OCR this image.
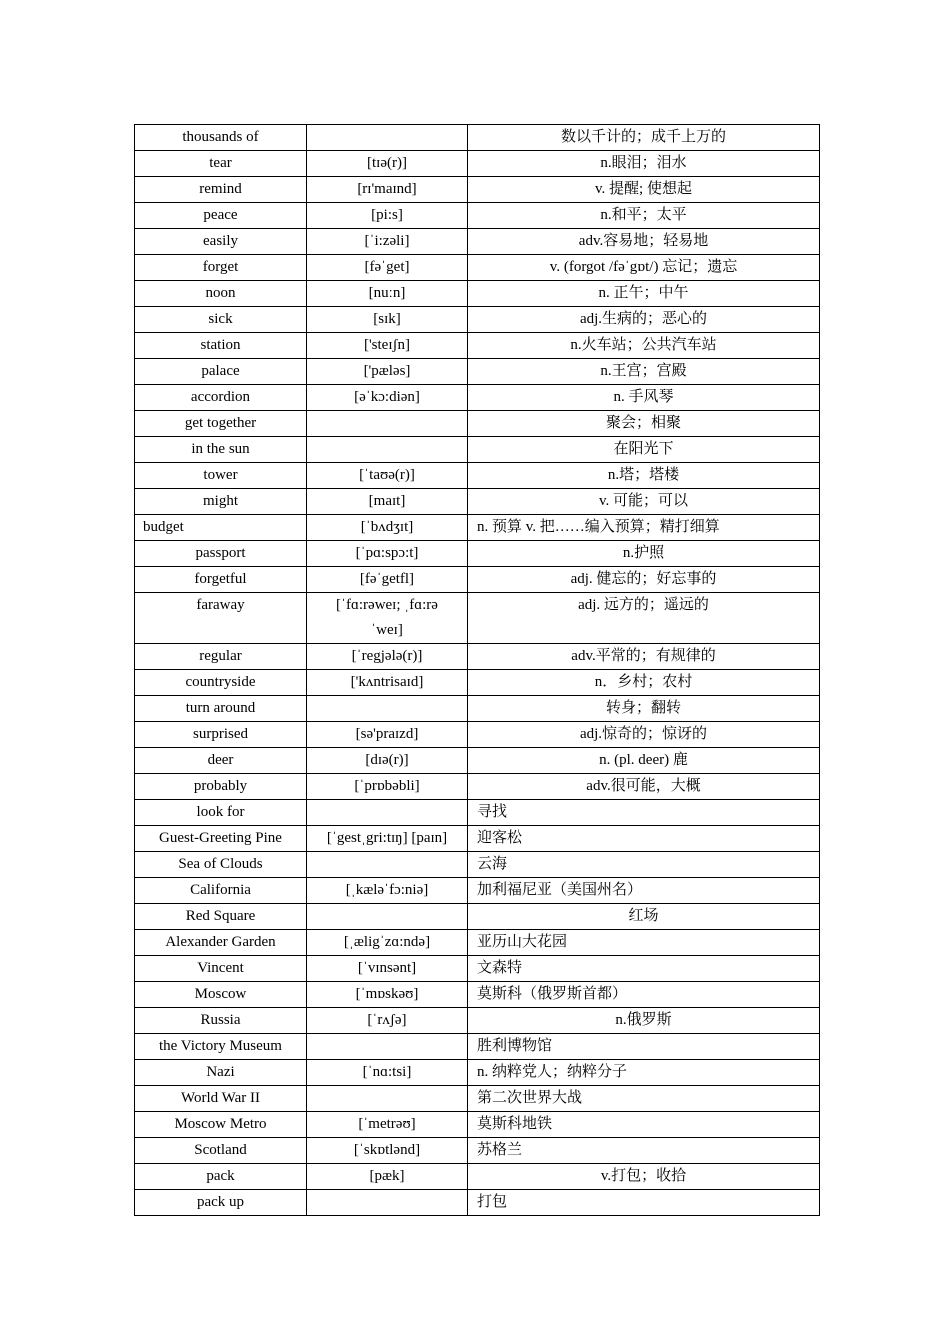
thousands of		数以千计的；成千上万的
tear	[tɪə(r)]	n.眼泪；泪水
remind	[rɪ'maɪnd]	v. 提醒; 使想起
peace	[pi:s]	n.和平；太平
easily	[ˈi:zəli]	adv.容易地；轻易地
forget	[fəˈget]	v. (forgot /fəˈgɒt/) 忘记；遗忘
noon	[nuːn]	n. 正午；中午
sick	[sɪk]	adj.生病的；恶心的
station	['steɪʃn]	n.火车站；公共汽车站
palace	['pæləs]	n.王宫；宫殿
accordion	[əˈkɔ:diən]	n. 手风琴
get together		聚会；相聚
in the sun		在阳光下
tower	[ˈtaʊə(r)]	n.塔；塔楼
might	[maɪt]	v. 可能；可以
budget	[ˈbʌdʒɪt]	n. 预算 v. 把……编入预算；精打细算
passport	[ˈpɑ:spɔ:t]	n.护照
forgetful	[fəˈgetfl]	adj. 健忘的；好忘事的
faraway	[ˈfɑ:rəweɪ; ˌfɑ:rəˈweɪ]	adj. 远方的；遥远的
regular	[ˈregjələ(r)]	adv.平常的；有规律的
countryside	['kʌntrisaɪd]	n．乡村；农村
turn around		转身；翻转
surprised	[sə'praɪzd]	adj.惊奇的；惊讶的
deer	[dɪə(r)]	n. (pl. deer) 鹿
probably	[ˈprɒbəbli]	adv.很可能，大概
look for		寻找
Guest-Greeting Pine	[ˈgestˌgri:tɪŋ] [paɪn]	迎客松
Sea of Clouds		云海
California	[ˌkæləˈfɔ:niə]	加利福尼亚（美国州名）
Red Square		红场
Alexander Garden	[ˌæligˈzɑ:ndə]	亚历山大花园
Vincent	[ˈvɪnsənt]	文森特
Moscow	[ˈmɒskəʊ]	莫斯科（俄罗斯首都）
Russia	[ˈrʌʃə]	n.俄罗斯
the Victory Museum		胜利博物馆
Nazi	[ˈnɑ:tsi]	n. 纳粹党人；纳粹分子
World War II		第二次世界大战
Moscow Metro	[ˈmetrəʊ]	莫斯科地铁
Scotland	[ˈskɒtlənd]	苏格兰
pack	[pæk]	v.打包；收拾
pack up		打包
